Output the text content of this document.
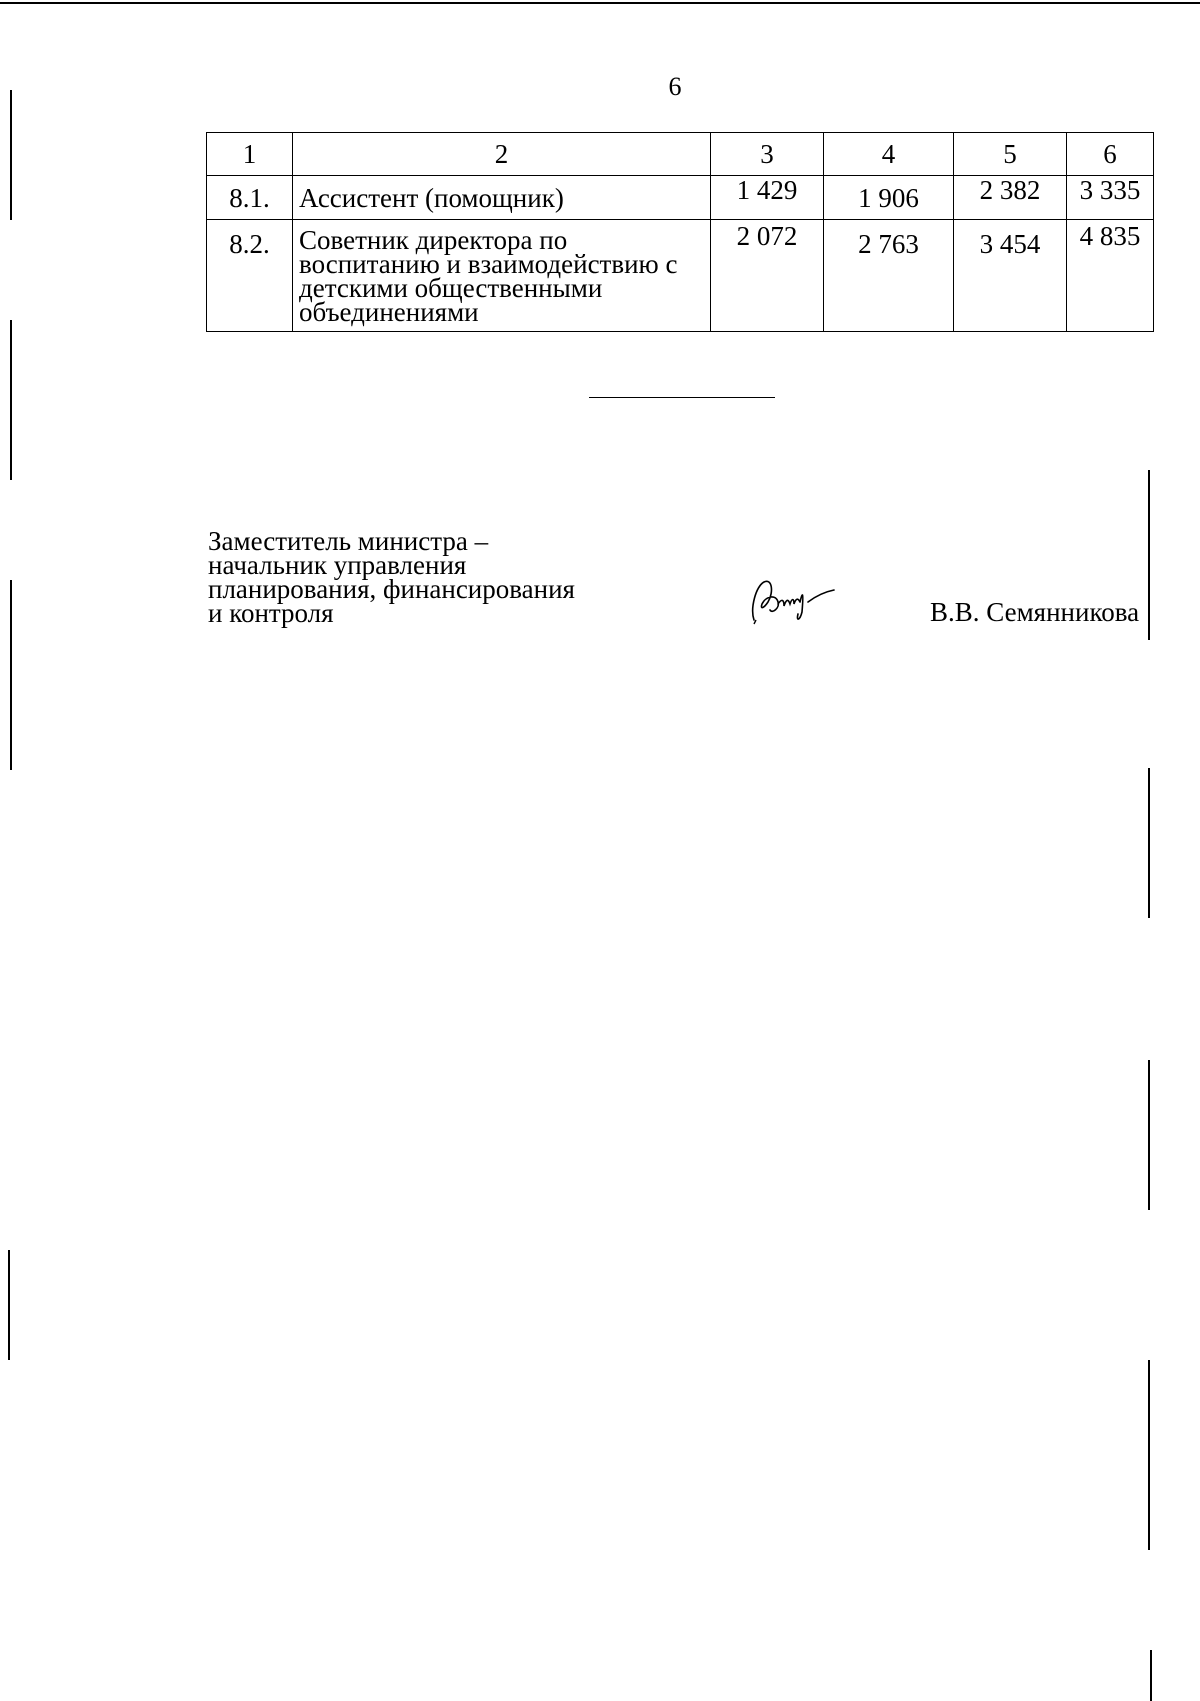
6
1	2	3	4	5	6
8.1.	Ассистент (помощник)	1 429	1 906	2 382	3 335
8.2.	Советник директора по
воспитанию и взаимодействию с
детскими общественными
объединениями	2 072	2 763	3 454	4 835
Заместитель министра –
начальник управления
планирования, финансирования
и контроля	В.В. Семянникова
